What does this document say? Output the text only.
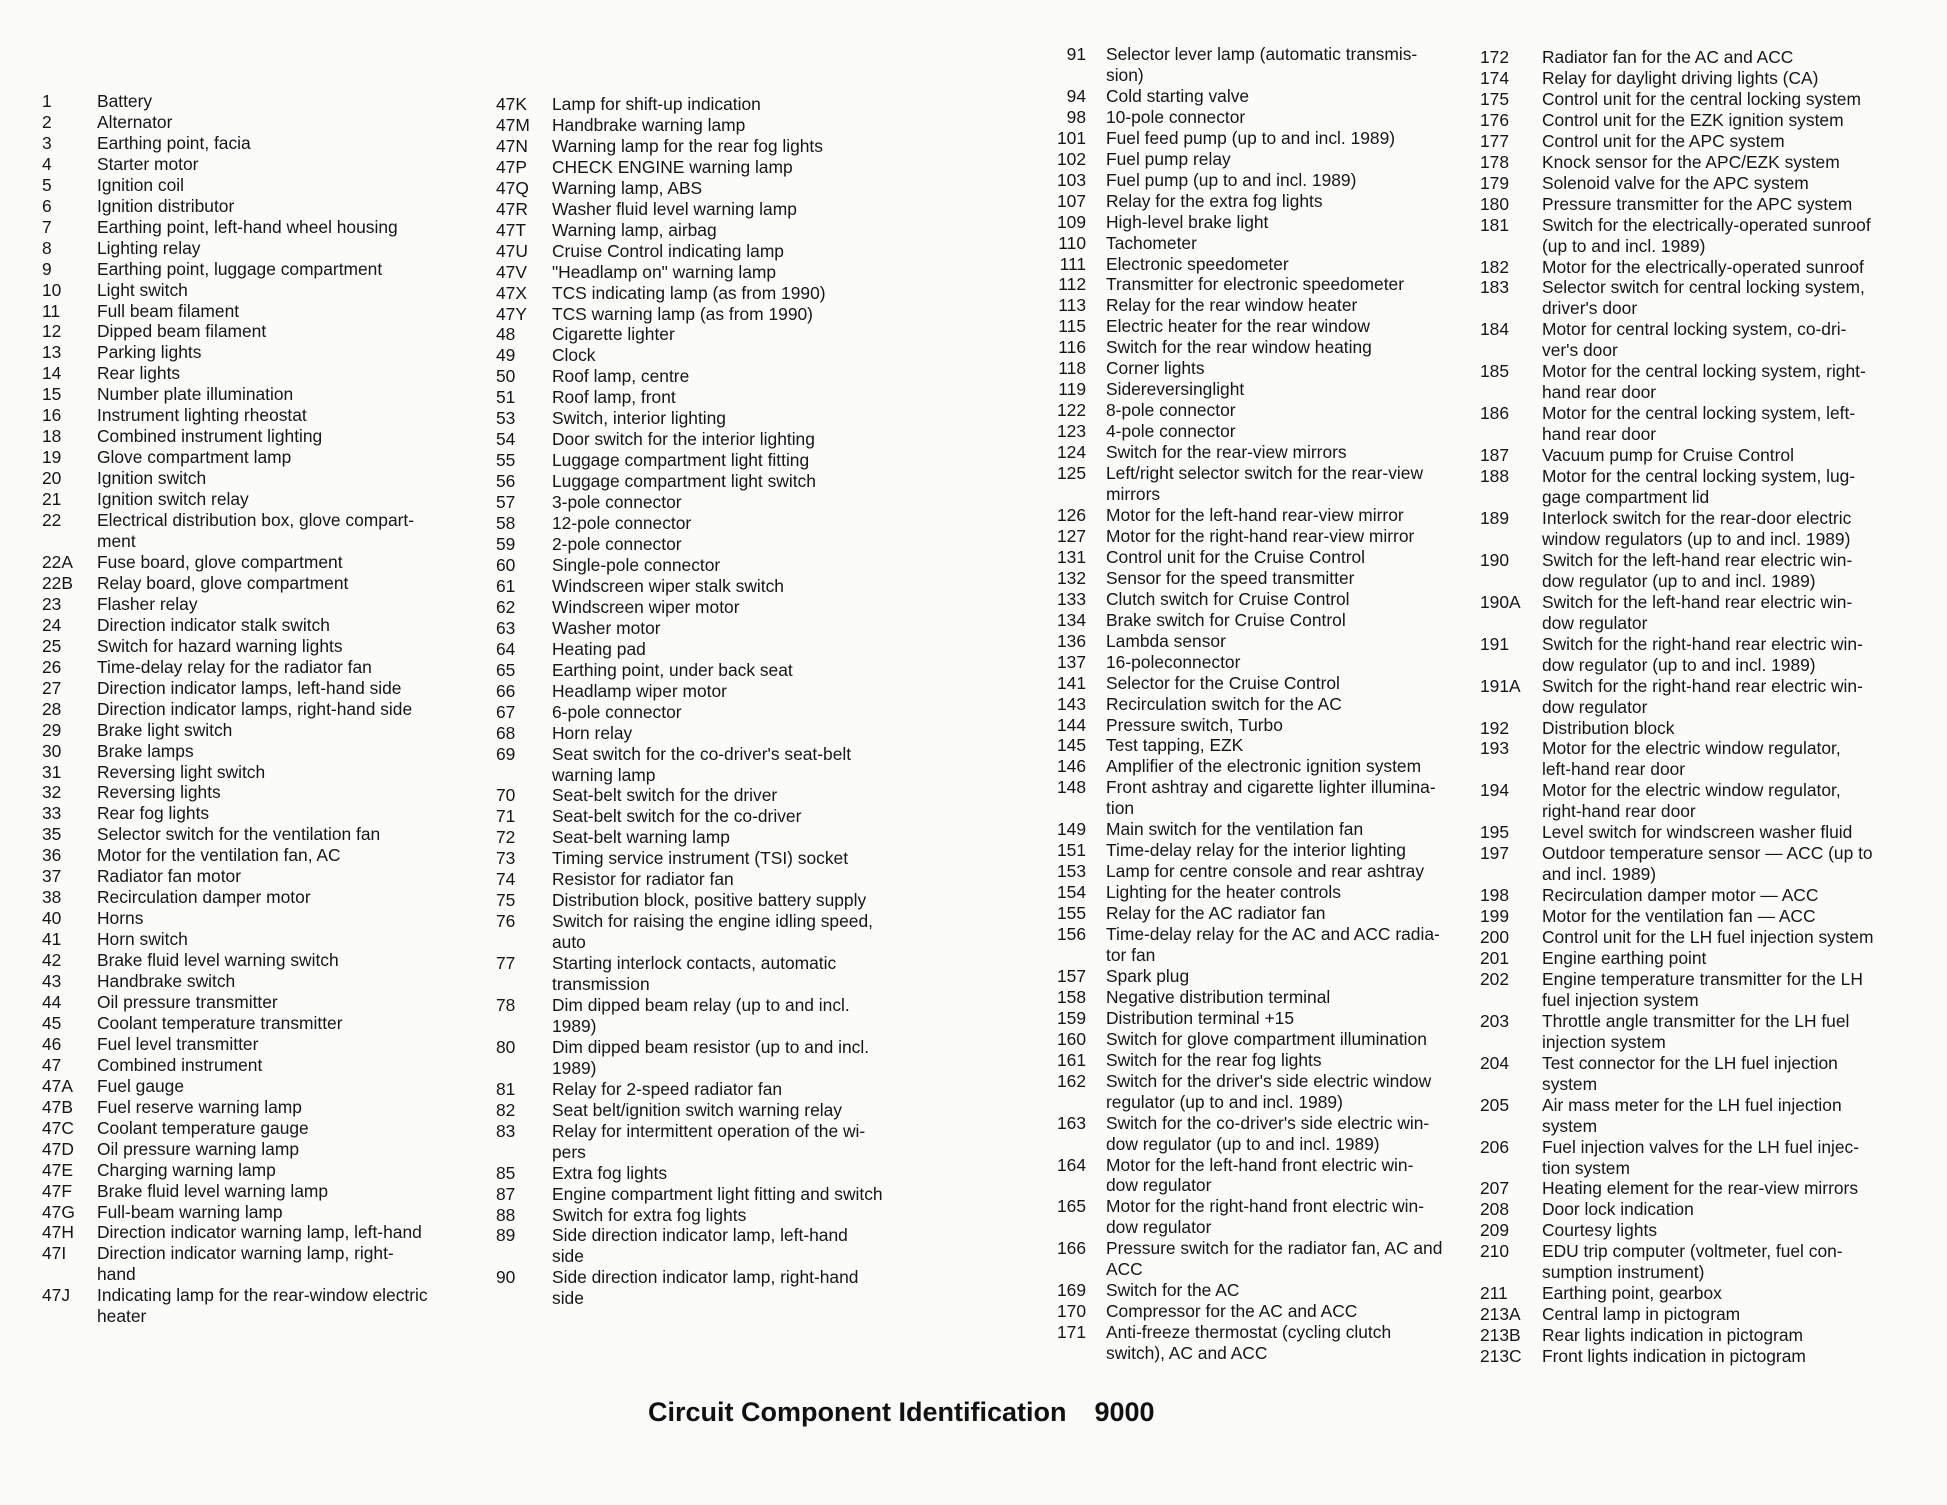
1	Battery
2	Alternator
3	Earthing point, facia
4	Starter motor
5	Ignition coil
6	Ignition distributor
7	Earthing point, left-hand wheel housing
8	Lighting relay
9	Earthing point, luggage compartment
10	Light switch
11	Full beam filament
12	Dipped beam filament
13	Parking lights
14	Rear lights
15	Number plate illumination
16	Instrument lighting rheostat
18	Combined instrument lighting
19	Glove compartment lamp
20	Ignition switch
21	Ignition switch relay
22	Electrical distribution box, glove compart-
ment
22A	Fuse board, glove compartment
22B	Relay board, glove compartment
23	Flasher relay
24	Direction indicator stalk switch
25	Switch for hazard warning lights
26	Time-delay relay for the radiator fan
27	Direction indicator lamps, left-hand side
28	Direction indicator lamps, right-hand side
29	Brake light switch
30	Brake lamps
31	Reversing light switch
32	Reversing lights
33	Rear fog lights
35	Selector switch for the ventilation fan
36	Motor for the ventilation fan, AC
37	Radiator fan motor
38	Recirculation damper motor
40	Horns
41	Horn switch
42	Brake fluid level warning switch
43	Handbrake switch
44	Oil pressure transmitter
45	Coolant temperature transmitter
46	Fuel level transmitter
47	Combined instrument
47A	Fuel gauge
47B	Fuel reserve warning lamp
47C	Coolant temperature gauge
47D	Oil pressure warning lamp
47E	Charging warning lamp
47F	Brake fluid level warning lamp
47G	Full-beam warning lamp
47H	Direction indicator warning lamp, left-hand
47I	Direction indicator warning lamp, right-
hand
47J	Indicating lamp for the rear-window electric
heater
47K	Lamp for shift-up indication
47M	Handbrake warning lamp
47N	Warning lamp for the rear fog lights
47P	CHECK ENGINE warning lamp
47Q	Warning lamp, ABS
47R	Washer fluid level warning lamp
47T	Warning lamp, airbag
47U	Cruise Control indicating lamp
47V	"Headlamp on" warning lamp
47X	TCS indicating lamp (as from 1990)
47Y	TCS warning lamp (as from 1990)
48	Cigarette lighter
49	Clock
50	Roof lamp, centre
51	Roof lamp, front
53	Switch, interior lighting
54	Door switch for the interior lighting
55	Luggage compartment light fitting
56	Luggage compartment light switch
57	3-pole connector
58	12-pole connector
59	2-pole connector
60	Single-pole connector
61	Windscreen wiper stalk switch
62	Windscreen wiper motor
63	Washer motor
64	Heating pad
65	Earthing point, under back seat
66	Headlamp wiper motor
67	6-pole connector
68	Horn relay
69	Seat switch for the co-driver's seat-belt
warning lamp
70	Seat-belt switch for the driver
71	Seat-belt switch for the co-driver
72	Seat-belt warning lamp
73	Timing service instrument (TSI) socket
74	Resistor for radiator fan
75	Distribution block, positive battery supply
76	Switch for raising the engine idling speed,
auto
77	Starting interlock contacts, automatic
transmission
78	Dim dipped beam relay (up to and incl.
1989)
80	Dim dipped beam resistor (up to and incl.
1989)
81	Relay for 2-speed radiator fan
82	Seat belt/ignition switch warning relay
83	Relay for intermittent operation of the wi-
pers
85	Extra fog lights
87	Engine compartment light fitting and switch
88	Switch for extra fog lights
89	Side direction indicator lamp, left-hand
side
90	Side direction indicator lamp, right-hand
side
91 Selector lever lamp (automatic transmis-
sion)
94 Cold starting valve
98 10-pole connector
101 Fuel feed pump (up to and incl. 1989)
102 Fuel pump relay
103 Fuel pump (up to and incl. 1989)
107 Relay for the extra fog lights
109 High-level brake light
110 Tachometer
111 Electronic speedometer
112 Transmitter for electronic speedometer
113 Relay for the rear window heater
115 Electric heater for the rear window
116 Switch for the rear window heating
118 Corner lights
119 Sidereversinglight
122 8-pole connector
123 4-pole connector
124 Switch for the rear-view mirrors
125 Left/right selector switch for the rear-view
mirrors
126 Motor for the left-hand rear-view mirror
127 Motor for the right-hand rear-view mirror
131 Control unit for the Cruise Control
132 Sensor for the speed transmitter
133 Clutch switch for Cruise Control
134 Brake switch for Cruise Control
136 Lambda sensor
137 16-poleconnector
141 Selector for the Cruise Control
143 Recirculation switch for the AC
144 Pressure switch, Turbo
145 Test tapping, EZK
146 Amplifier of the electronic ignition system
148 Front ashtray and cigarette lighter illumina-
tion
149 Main switch for the ventilation fan
151 Time-delay relay for the interior lighting
153 Lamp for centre console and rear ashtray
154 Lighting for the heater controls
155 Relay for the AC radiator fan
156 Time-delay relay for the AC and ACC radia-
tor fan
157 Spark plug
158 Negative distribution terminal
159 Distribution terminal +15
160 Switch for glove compartment illumination
161 Switch for the rear fog lights
162 Switch for the driver's side electric window
regulator (up to and incl. 1989)
163 Switch for the co-driver's side electric win-
dow regulator (up to and incl. 1989)
164 Motor for the left-hand front electric win-
dow regulator
165 Motor for the right-hand front electric win-
dow regulator
166 Pressure switch for the radiator fan, AC and
ACC
169 Switch for the AC
170 Compressor for the AC and ACC
171 Anti-freeze thermostat (cycling clutch
switch), AC and ACC
172	Radiator fan for the AC and ACC
174	Relay for daylight driving lights (CA)
175	Control unit for the central locking system
176	Control unit for the EZK ignition system
177	Control unit for the APC system
178	Knock sensor for the APC/EZK system
179	Solenoid valve for the APC system
180	Pressure transmitter for the APC system
181	Switch for the electrically-operated sunroof
(up to and incl. 1989)
182	Motor for the electrically-operated sunroof
183	Selector switch for central locking system,
driver's door
184	Motor for central locking system, co-dri-
ver's door
185	Motor for the central locking system, right-
hand rear door
186	Motor for the central locking system, left-
hand rear door
187	Vacuum pump for Cruise Control
188	Motor for the central locking system, lug-
gage compartment lid
189	Interlock switch for the rear-door electric
window regulators (up to and incl. 1989)
190	Switch for the left-hand rear electric win-
dow regulator (up to and incl. 1989)
190A	Switch for the left-hand rear electric win-
dow regulator
191	Switch for the right-hand rear electric win-
dow regulator (up to and incl. 1989)
191A	Switch for the right-hand rear electric win-
dow regulator
192	Distribution block
193	Motor for the electric window regulator,
left-hand rear door
194	Motor for the electric window regulator,
right-hand rear door
195	Level switch for windscreen washer fluid
197	Outdoor temperature sensor — ACC (up to
and incl. 1989)
198	Recirculation damper motor — ACC
199	Motor for the ventilation fan — ACC
200	Control unit for the LH fuel injection system
201	Engine earthing point
202	Engine temperature transmitter for the LH
fuel injection system
203	Throttle angle transmitter for the LH fuel
injection system
204	Test connector for the LH fuel injection
system
205	Air mass meter for the LH fuel injection
system
206	Fuel injection valves for the LH fuel injec-
tion system
207	Heating element for the rear-view mirrors
208	Door lock indication
209	Courtesy lights
210	EDU trip computer (voltmeter, fuel con-
sumption instrument)
211	Earthing point, gearbox
213A	Central lamp in pictogram
213B	Rear lights indication in pictogram
213C	Front lights indication in pictogram
Circuit Component Identification 9000
